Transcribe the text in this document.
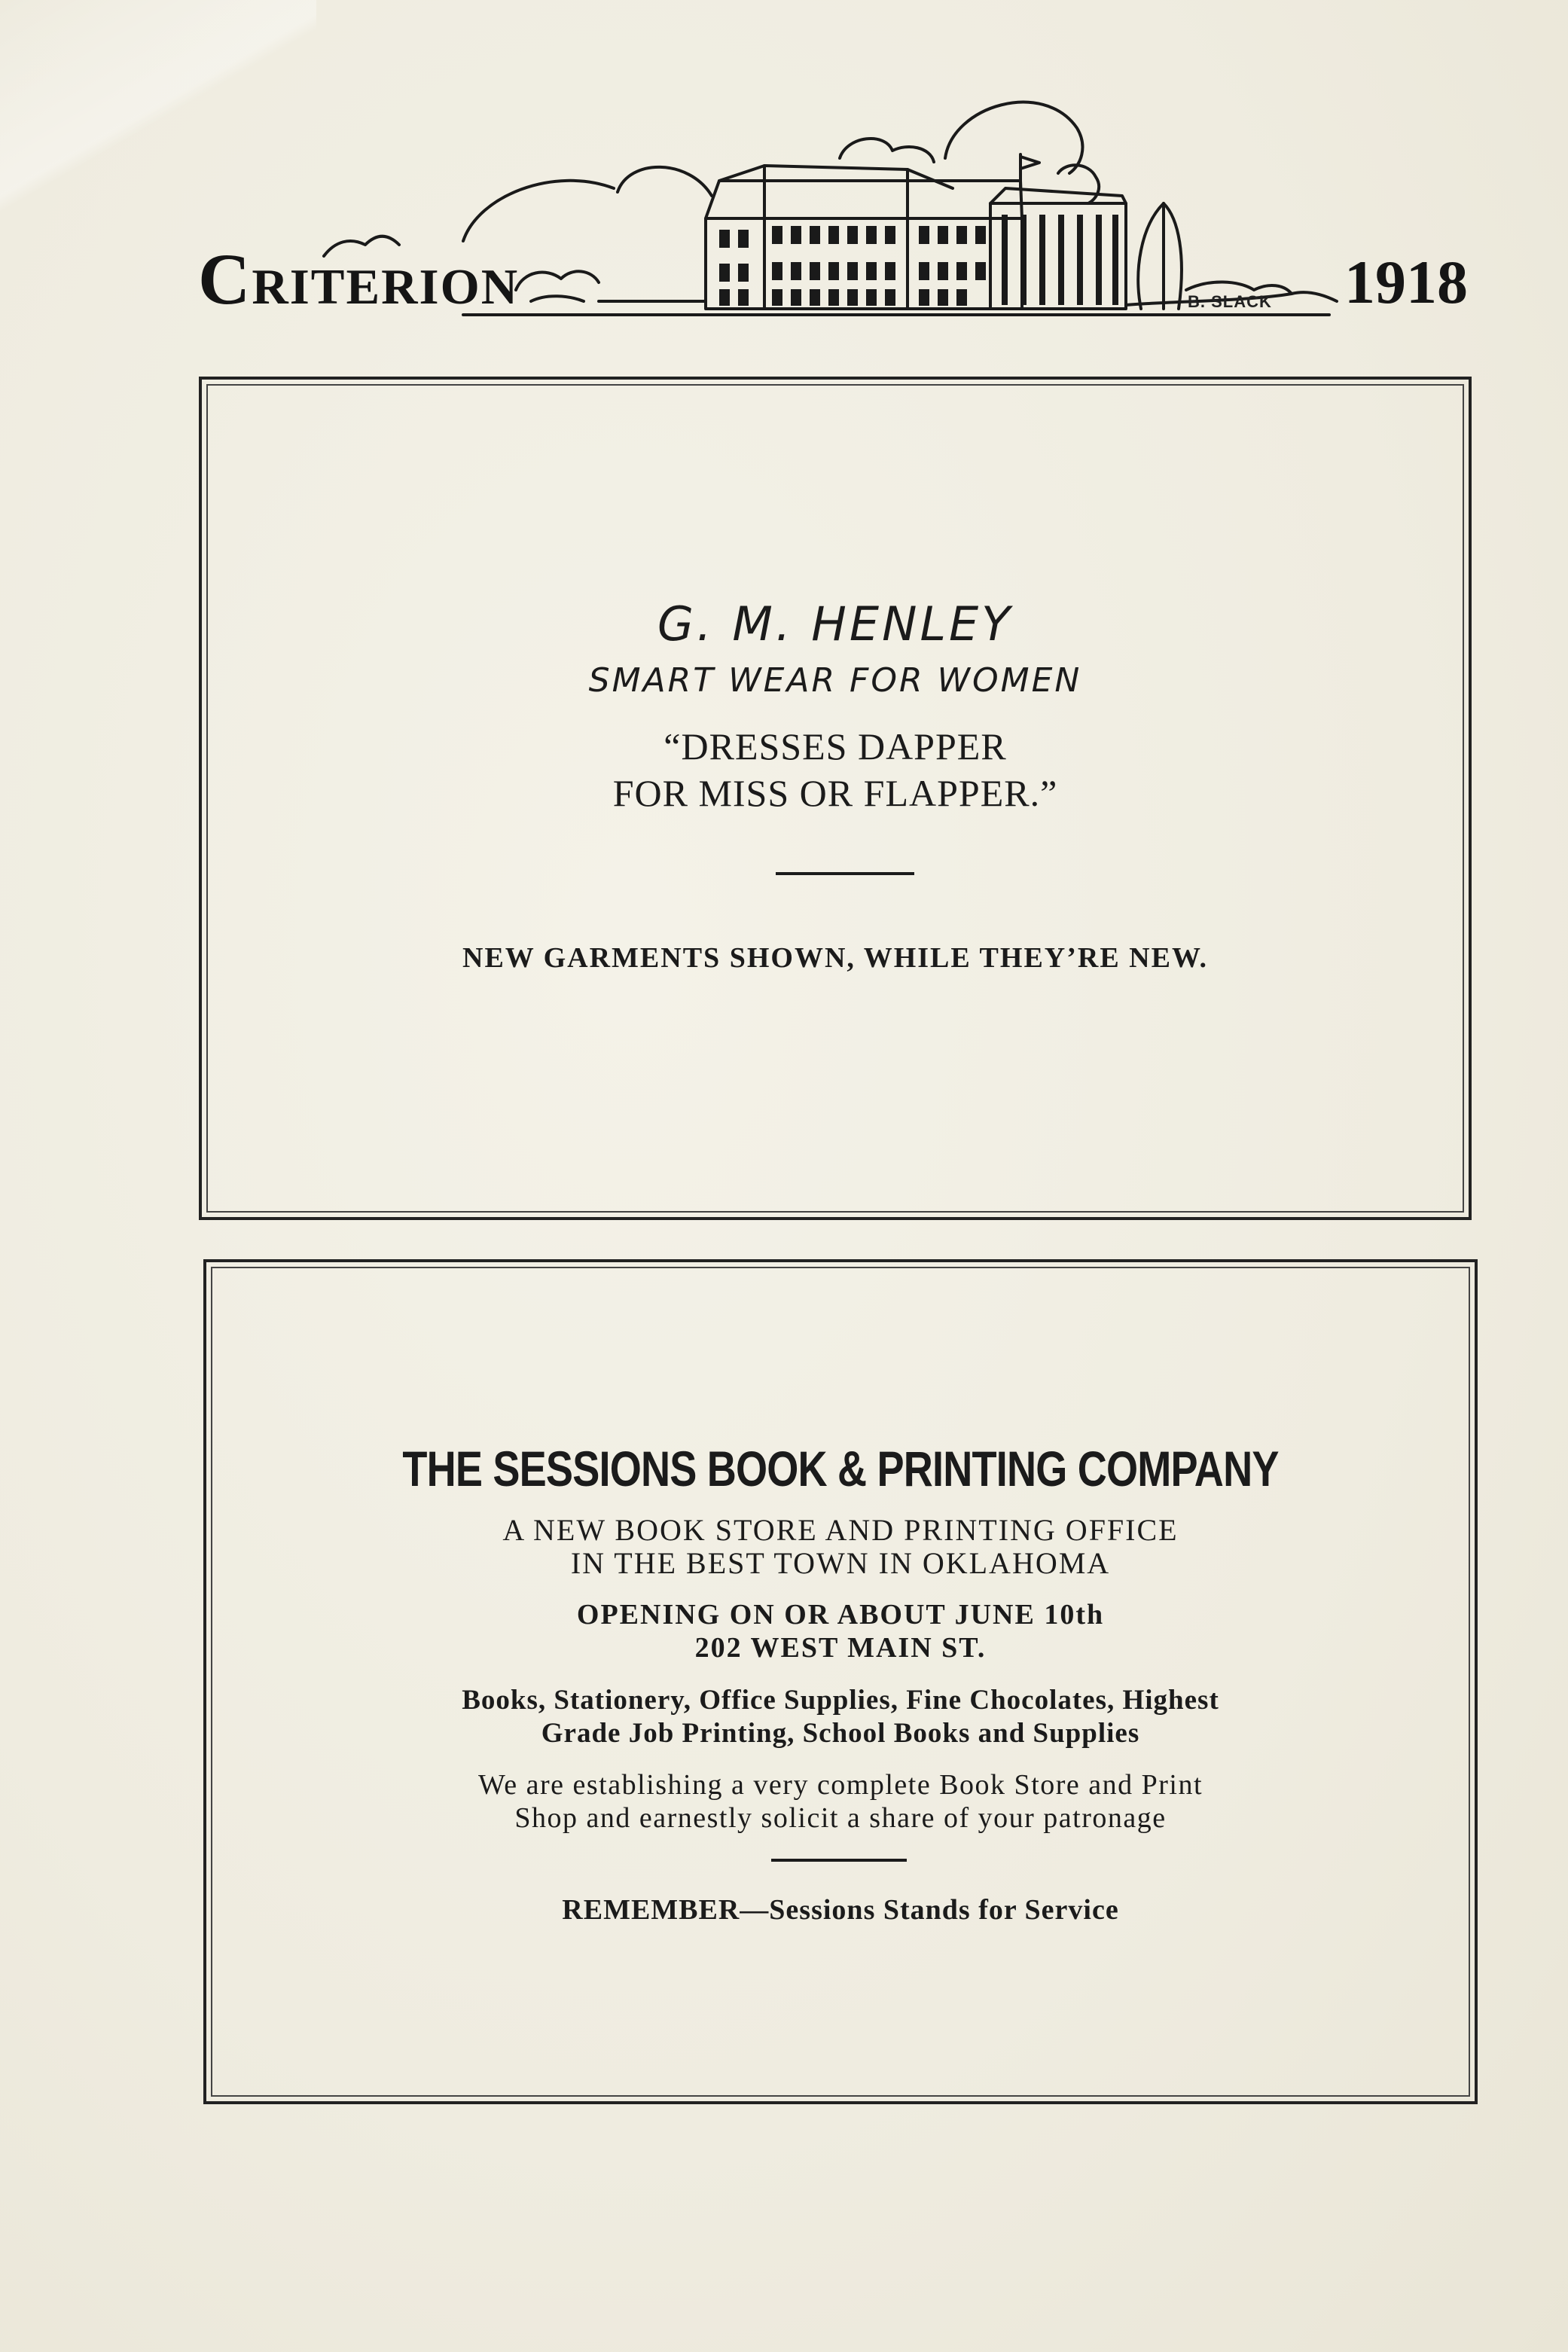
Criterion	B. SLACK 1918
G. M. HENLEY
SMART WEAR FOR WOMEN
“DRESSES DAPPER
FOR MISS OR FLAPPER.”
NEW GARMENTS SHOWN, WHILE THEY’RE NEW.
THE SESSIONS BOOK & PRINTING COMPANY
A NEW BOOK STORE AND PRINTING OFFICE
IN THE BEST TOWN IN OKLAHOMA
OPENING ON OR ABOUT JUNE 10th
202 WEST MAIN ST.
Books, Stationery, Office Supplies, Fine Chocolates, Highest
Grade Job Printing, School Books and Supplies
We are establishing a very complete Book Store and Print
Shop and earnestly solicit a share of your patronage
REMEMBER—Sessions Stands for Service
